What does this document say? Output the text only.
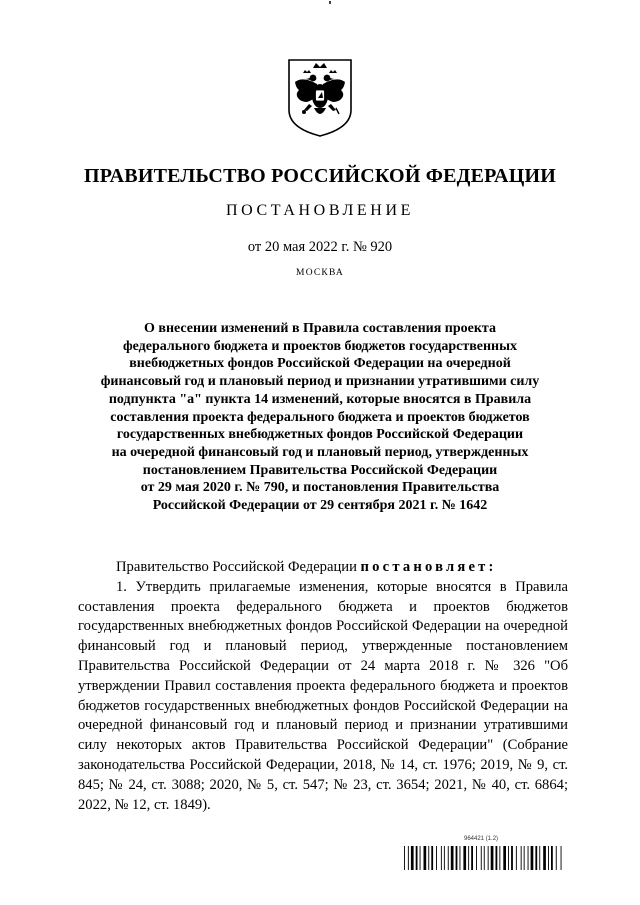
ПРАВИТЕЛЬСТВО РОССИЙСКОЙ ФЕДЕРАЦИИ
ПОСТАНОВЛЕНИЕ
от 20 мая 2022 г. № 920
МОСКВА
О внесении изменений в Правила составления проекта
федерального бюджета и проектов бюджетов государственных
внебюджетных фондов Российской Федерации на очередной
финансовый год и плановый период и признании утратившими силу
подпункта "а" пункта 14 изменений, которые вносятся в Правила
составления проекта федерального бюджета и проектов бюджетов
государственных внебюджетных фондов Российской Федерации
на очередной финансовый год и плановый период, утвержденных
постановлением Правительства Российской Федерации
от 29 мая 2020 г. № 790, и постановления Правительства
Российской Федерации от 29 сентября 2021 г. № 1642

Правительство Российской Федерации постановляет:

1. Утвердить прилагаемые изменения, которые вносятся в Правила составления проекта федерального бюджета и проектов бюджетов государственных внебюджетных фондов Российской Федерации на очередной финансовый год и плановый период, утвержденные постановлением Правительства Российской Федерации от 24 марта 2018 г. № 326 "Об утверждении Правил составления проекта федерального бюджета и проектов бюджетов государственных внебюджетных фондов Российской Федерации на очередной финансовый год и плановый период и признании утратившими силу некоторых актов Правительства Российской Федерации" (Собрание законодательства Российской Федерации, 2018, № 14, ст. 1976; 2019, № 9, ст. 845; № 24, ст. 3088; 2020, № 5, ст. 547; № 23, ст. 3654; 2021, № 40, ст. 6864; 2022, № 12, ст. 1849).

964421 (1.2)
